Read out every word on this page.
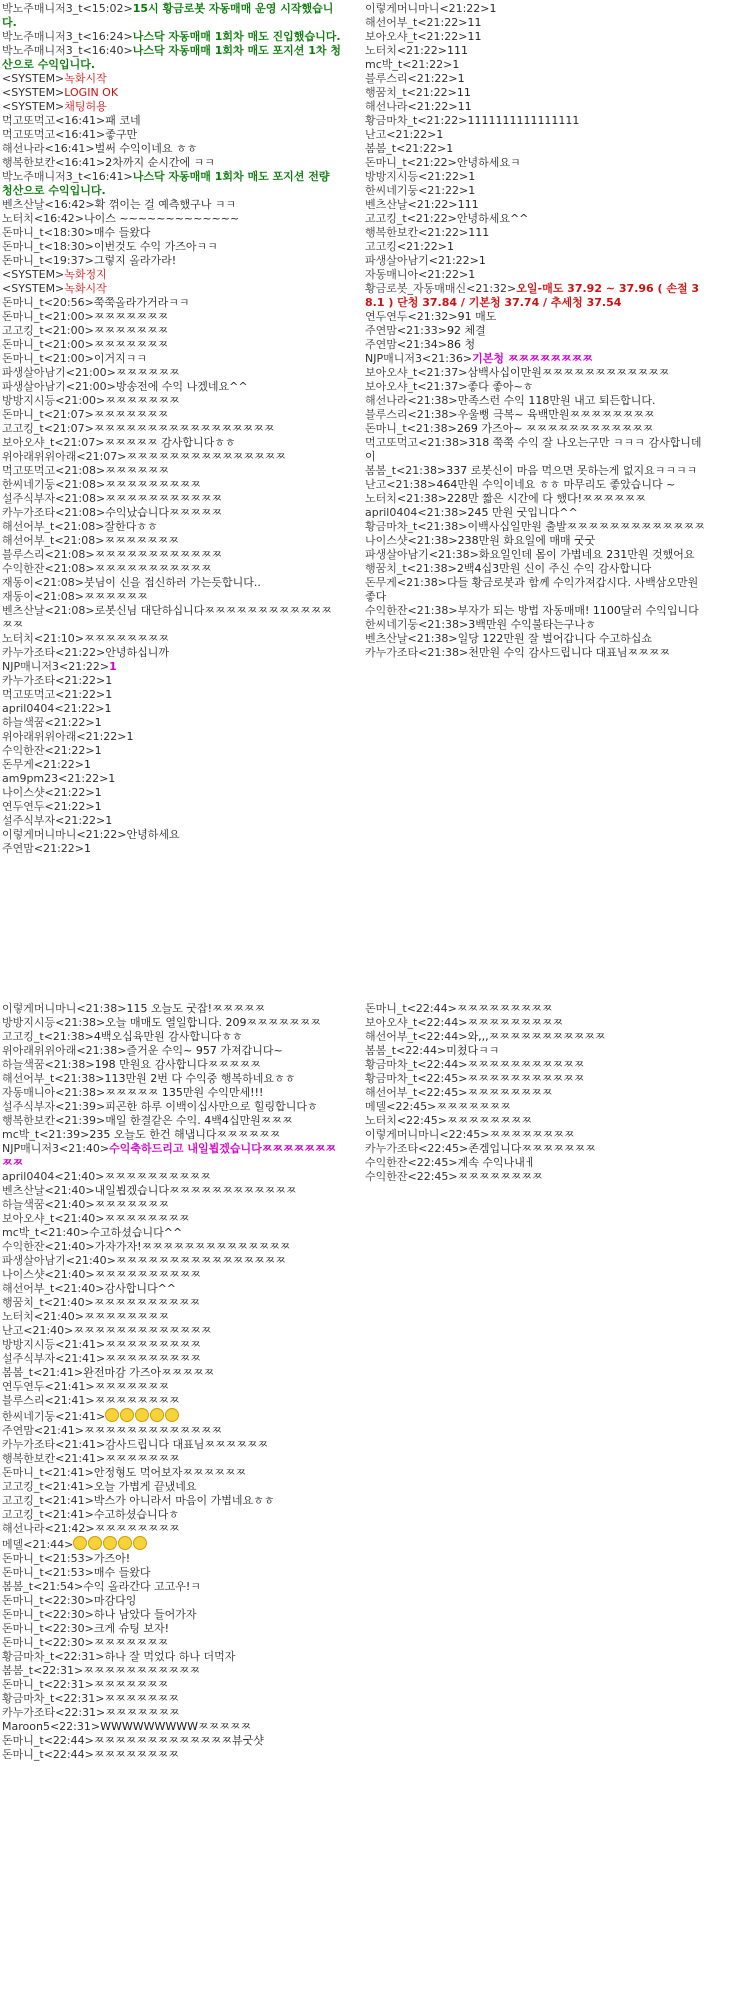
박노주매니저3_t<15:02>15시 황금로봇 자동매매 운영 시작했습니다.
박노주매니저3_t<16:24>나스닥 자동매매 1회차 매도 진입했습니다.
박노주매니저3_t<16:40>나스닥 자동매매 1회차 매도 포지션 1차 청산으로 수익입니다.
<SYSTEM>녹화시작
<SYSTEM>LOGIN OK
<SYSTEM>채팅허용
먹고또먹고<16:41>패 코네
먹고또먹고<16:41>좋구만
해선나라<16:41>벌써 수익이네요 ㅎㅎ
행복한보칸<16:41>2차까지 순시간에 ㅋㅋ
박노주매니저3_t<16:41>나스닥 자동매매 1회차 매도 포지션 전량 청산으로 수익입니다.
벤츠산날<16:42>확 꺾이는 걸 예측했구나 ㅋㅋ
노터치<16:42>나이스 ~~~~~~~~~~~~~
돈마니_t<18:30>매수 들왔다
돈마니_t<18:30>이번것도 수익 가즈아ㅋㅋ
돈마니_t<19:37>그렇지 올라가라!
<SYSTEM>녹화정지
<SYSTEM>녹화시작
돈마니_t<20:56>쭉쭉올라가거라ㅋㅋ
돈마니_t<21:00>ㅉㅉㅉㅉㅉㅉㅉ
고고킹_t<21:00>ㅉㅉㅉㅉㅉㅉㅉ
돈마니_t<21:00>ㅉㅉㅉㅉㅉㅉㅉ
돈마니_t<21:00>이거지ㅋㅋ
파생살아남기<21:00>ㅉㅉㅉㅉㅉㅉ
파생살아남기<21:00>방송전에 수익 나겠네요^^
방방지시등<21:00>ㅉㅉㅉㅉㅉㅉㅉ
돈마니_t<21:07>ㅉㅉㅉㅉㅉㅉㅉ
고고킹_t<21:07>ㅉㅉㅉㅉㅉㅉㅉㅉㅉㅉㅉㅉㅉㅉㅉㅉㅉ
보아오샤_t<21:07>ㅉㅉㅉㅉㅉ 감사합니다ㅎㅎ
위아래위위아래<21:07>ㅉㅉㅉㅉㅉㅉㅉㅉㅉㅉㅉㅉㅉㅉㅉ
먹고또먹고<21:08>ㅉㅉㅉㅉㅉㅉ
한씨네기둥<21:08>ㅉㅉㅉㅉㅉㅉㅉㅉㅉ
설주식부자<21:08>ㅉㅉㅉㅉㅉㅉㅉㅉㅉㅉㅉ
카누가조타<21:08>수익났습니다ㅉㅉㅉㅉㅉ
해선어부_t<21:08>잘한다ㅎㅎ
해선어부_t<21:08>ㅉㅉㅉㅉㅉㅉㅉ
블루스리<21:08>ㅉㅉㅉㅉㅉㅉㅉㅉㅉㅉㅉㅉ
수익한잔<21:08>ㅉㅉㅉㅉㅉㅉㅉㅉㅉㅉㅉ
재동이<21:08>붓님이 신을 접신하러 가는듯합니다..
재동이<21:08>ㅉㅉㅉㅉㅉㅉ
벤츠산날<21:08>로봇신님 대단하십니다ㅉㅉㅉㅉㅉㅉㅉㅉㅉㅉㅉㅉㅉㅉ
노터치<21:10>ㅉㅉㅉㅉㅉㅉㅉㅉ
카누가조타<21:22>안녕하십니까
NJP매니저3<21:22>1
카누가조타<21:22>1
먹고또먹고<21:22>1
april0404<21:22>1
하늘색꿈<21:22>1
위아래위위아래<21:22>1
수익한잔<21:22>1
돈무게<21:22>1
am9pm23<21:22>1
나이스샷<21:22>1
연두연두<21:22>1
설주식부자<21:22>1
이렇게머니마니<21:22>안녕하세요
주연맘<21:22>1
이렇게머니마니<21:22>1
해선어부_t<21:22>11
보아오샤_t<21:22>11
노터치<21:22>111
mc박_t<21:22>1
블루스리<21:22>1
행꿈치_t<21:22>11
해선나라<21:22>11
황금마차_t<21:22>1111111111111111
난고<21:22>1
봄봄_t<21:22>1
돈마니_t<21:22>안녕하세요ㅋ
방방지시등<21:22>1
한씨네기둥<21:22>1
벤츠산날<21:22>111
고고킹_t<21:22>안녕하세요^^
행복한보칸<21:22>111
고고킹<21:22>1
파생살아남기<21:22>1
자동매니아<21:22>1
황금로봇_자동매매신<21:32>오일-매도 37.92 ~ 37.96 ( 손절 38.1 ) 단청 37.84 / 기본청 37.74 / 추세청 37.54
연두연두<21:32>91 매도
주연맘<21:33>92 체결
주연맘<21:34>86 청
NJP매니저3<21:36>기본청 ㅉㅉㅉㅉㅉㅉㅉㅉ
보아오샤_t<21:37>삼백사십이만원ㅉㅉㅉㅉㅉㅉㅉㅉㅉㅉㅉㅉ
보아오샤_t<21:37>좋다 좋아~ㅎ
해선나라<21:38>만족스런 수익 118만원 내고 퇴든합니다.
블루스리<21:38>우울뻥 극복~ 육백만원ㅉㅉㅉㅉㅉㅉㅉㅉ
돈마니_t<21:38>269 가즈아~ ㅉㅉㅉㅉㅉㅉㅉㅉㅉㅉㅉㅉ
먹고또먹고<21:38>318 쭉쭉 수익 잘 나오는구만 ㅋㅋㅋ 감사합니데이
봄봄_t<21:38>337 로봇신이 마음 먹으면 못하는게 없지요ㅋㅋㅋㅋ
난고<21:38>464만원 수익이네요 ㅎㅎ 마무리도 좋았습니다 ~
노터치<21:38>228만 짧은 시간에 다 했다!ㅉㅉㅉㅉㅉㅉ
april0404<21:38>245 만원 굿입니다^^
황금마차_t<21:38>이백사십일만원 출발ㅉㅉㅉㅉㅉㅉㅉㅉㅉㅉㅉㅉㅉ
나이스샷<21:38>238만원 화요일에 매매 굿굿
파생살아남기<21:38>화요일인데 몸이 가볍네요 231만원 것했어요
행꿈치_t<21:38>2백4십3만원 신이 주신 수익 감사합니다
돈무게<21:38>다들 황금로봇과 함께 수익가져갑시다. 사백삼오만원 좋다
수익한잔<21:38>부자가 되는 방법 자동매매! 1100달러 수익입니다
한씨네기둥<21:38>3백만원 수익불타는구나ㅎ
벤츠산날<21:38>일당 122만원 잘 벌어갑니다 수고하십쇼
카누가조타<21:38>천만원 수익 감사드립니다 대표님ㅉㅉㅉㅉ
이렇게머니마니<21:38>115 오늘도 굿잡!ㅉㅉㅉㅉㅉ
방방지시등<21:38>오늘 매매도 열일합니다. 209ㅉㅉㅉㅉㅉㅉㅉ
고고킹_t<21:38>4백오십육만원 감사합니다ㅎㅎ
위아래위위아래<21:38>즐거운 수익~ 957 가져갑니다~
하늘색꿈<21:38>198 만원요 감사합니다ㅉㅉㅉㅉㅉ
해선어부_t<21:38>113만원 2번 다 수익중 행복하네요ㅎㅎ
자동매니아<21:38>ㅉㅉㅉㅉㅉ 135만원 수익만세!!!
설주식부자<21:39>피곤한 하루 이백이십사만으로 힐링합니다ㅎ
행복한보칸<21:39>매일 한결같은 수익. 4백4십만원ㅉㅉㅉ
mc박_t<21:39>235 오늘도 한건 해냅니다ㅉㅉㅉㅉㅉㅉ
NJP매니저3<21:40>수익축하드리고 내일뵙겠습니다ㅉㅉㅉㅉㅉㅉㅉㅉㅉ
april0404<21:40>ㅉㅉㅉㅉㅉㅉㅉㅉㅉㅉ
벤츠산날<21:40>내일뵙겠습니다ㅉㅉㅉㅉㅉㅉㅉㅉㅉㅉㅉㅉ
하늘색꿈<21:40>ㅉㅉㅉㅉㅉㅉㅉ
보아오샤_t<21:40>ㅉㅉㅉㅉㅉㅉㅉㅉ
mc박_t<21:40>수고하셨습니다^^
수익한잔<21:40>가자가자!ㅉㅉㅉㅉㅉㅉㅉㅉㅉㅉㅉㅉㅉㅉ
파생살아남기<21:40>ㅉㅉㅉㅉㅉㅉㅉㅉㅉㅉㅉㅉㅉㅉㅉㅉ
나이스샷<21:40>ㅉㅉㅉㅉㅉㅉㅉㅉㅉㅉ
해선어부_t<21:40>감사합니다^^
행꿈치_t<21:40>ㅉㅉㅉㅉㅉㅉㅉㅉㅉㅉ
노터치<21:40>ㅉㅉㅉㅉㅉㅉㅉㅉ
난고<21:40>ㅉㅉㅉㅉㅉㅉㅉㅉㅉㅉㅉㅉㅉ
방방지시등<21:41>ㅉㅉㅉㅉㅉㅉㅉㅉㅉ
설주식부자<21:41>ㅉㅉㅉㅉㅉㅉㅉㅉㅉ
봄봄_t<21:41>완전마감 가즈아ㅉㅉㅉㅉㅉ
연두연두<21:41>ㅉㅉㅉㅉㅉㅉㅉ
블루스리<21:41>ㅉㅉㅉㅉㅉㅉㅉㅉ
한씨네기둥<21:41>
주연맘<21:41>ㅉㅉㅉㅉㅉㅉㅉㅉㅉㅉㅉㅉㅉ
카누가조타<21:41>감사드립니다 대표님ㅉㅉㅉㅉㅉㅉ
행복한보칸<21:41>ㅉㅉㅉㅉㅉㅉㅉ
돈마니_t<21:41>안정형도 먹어보자ㅉㅉㅉㅉㅉㅉ
고고킹_t<21:41>오늘 가볍게 끝냈네요
고고킹_t<21:41>박스가 아니라서 마음이 가볍네요ㅎㅎ
고고킹_t<21:41>수고하셨습니다ㅎ
해선나라<21:42>ㅉㅉㅉㅉㅉㅉㅉㅉ
메델<21:44>
돈마니_t<21:53>가즈아!
돈마니_t<21:53>매수 들왔다
봄봄_t<21:54>수익 올라간다 고고우!ㅋ
돈마니_t<22:30>마감다잉
돈마니_t<22:30>하나 남았다 들어가자
돈마니_t<22:30>크게 슈팅 보자!
돈마니_t<22:30>ㅉㅉㅉㅉㅉㅉㅉ
황금마차_t<22:31>하나 잘 먹었다 하나 더먹자
봄봄_t<22:31>ㅉㅉㅉㅉㅉㅉㅉㅉㅉㅉㅉ
돈마니_t<22:31>ㅉㅉㅉㅉㅉㅉㅉ
황금마차_t<22:31>ㅉㅉㅉㅉㅉㅉㅉ
카누가조타<22:31>ㅉㅉㅉㅉㅉㅉㅉ
Maroon5<22:31>WWWWWWWWWㅉㅉㅉㅉㅉ
돈마니_t<22:44>ㅉㅉㅉㅉㅉㅉㅉㅉㅉㅉㅉㅉㅉ뷰굿샷
돈마니_t<22:44>ㅉㅉㅉㅉㅉㅉㅉㅉ
돈마니_t<22:44>ㅉㅉㅉㅉㅉㅉㅉㅉㅉ
보아오샤_t<22:44>ㅉㅉㅉㅉㅉㅉㅉㅉㅉ
해선어부_t<22:44>와,,,ㅉㅉㅉㅉㅉㅉㅉㅉㅉㅉㅉ
봄봄_t<22:44>미쳤다ㅋㅋ
황금마차_t<22:44>ㅉㅉㅉㅉㅉㅉㅉㅉㅉㅉㅉ
황금마차_t<22:45>ㅉㅉㅉㅉㅉㅉㅉㅉㅉㅉㅉ
해선어부_t<22:45>ㅉㅉㅉㅉㅉㅉㅉㅉ
메델<22:45>ㅉㅉㅉㅉㅉㅉㅉ
노터치<22:45>ㅉㅉㅉㅉㅉㅉㅉㅉ
이렇게머니마니<22:45>ㅉㅉㅉㅉㅉㅉㅉㅉ
카누가조타<22:45>존겜입니다ㅉㅉㅉㅉㅉㅉㅉ
수익한잔<22:45>계속 수익나내ㅔ
수익한잔<22:45>ㅉㅉㅉㅉㅉㅉㅉㅉ
